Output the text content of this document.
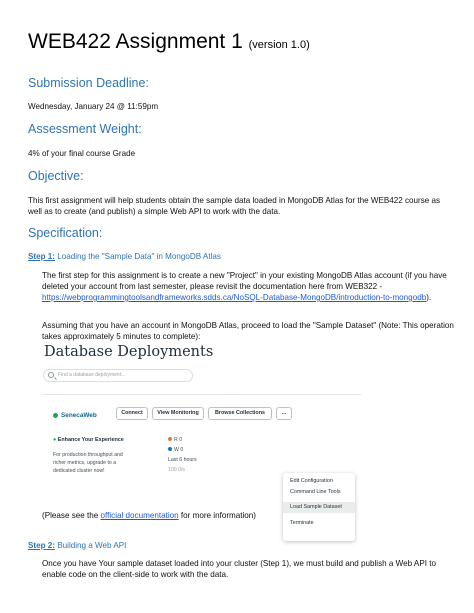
WEB422 Assignment 1 (version 1.0)
Submission Deadline:
Wednesday, January 24 @ 11:59pm
Assessment Weight:
4% of your final course Grade
Objective:
This first assignment will help students obtain the sample data loaded in MongoDB Atlas for the WEB422 course as well as to create (and publish) a simple Web API to work with the data.
Specification:
Step 1: Loading the "Sample Data" in MongoDB Atlas
The first step for this assignment is to create a new "Project" in your existing MongoDB Atlas account (if you have deleted your account from last semester, please revisit the documentation here from WEB322 - https://webprogrammingtoolsandframeworks.sdds.ca/NoSQL-Database-MongoDB/introduction-to-mongodb).
Assuming that you have an account in MongoDB Atlas, proceed to load the "Sample Dataset" (Note: This operation takes approximately 5 minutes to complete):
Database Deployments
Find a database deployment...
SenecaWeb	Connect	View Monitoring	Browse Collections	...
● Enhance Your Experience
For production throughput and richer metrics, upgrade to a dedicated cluster now!
R 0
W 0
Last 6 hours
100.0/s
Edit Configuration
Command Line Tools
Load Sample Dataset
Terminate
(Please see the official documentation for more information)
Step 2: Building a Web API
Once you have Your sample dataset loaded into your cluster (Step 1), we must build and publish a Web API to enable code on the client-side to work with the data.
